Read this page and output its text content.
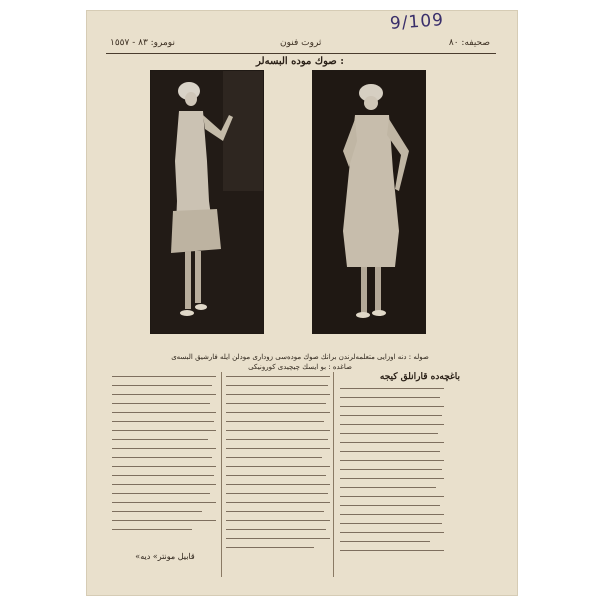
9/109
نومرو: ٨٣ - ١٥٥٧	ثروت فنون	صحیفه: ٨٠
صوك موده البسه‌لر :
صوله : دنه اوزایی متعلمه‌لرندن برانك صوك موده‌سی زوداری مودلن ایله فارشیق البسه‌ی
صاغده : بو ایسك چیچیدی کورونیکی
باغچه‌ده قارانلق کیجه
«قابیل مونتر» دیه
